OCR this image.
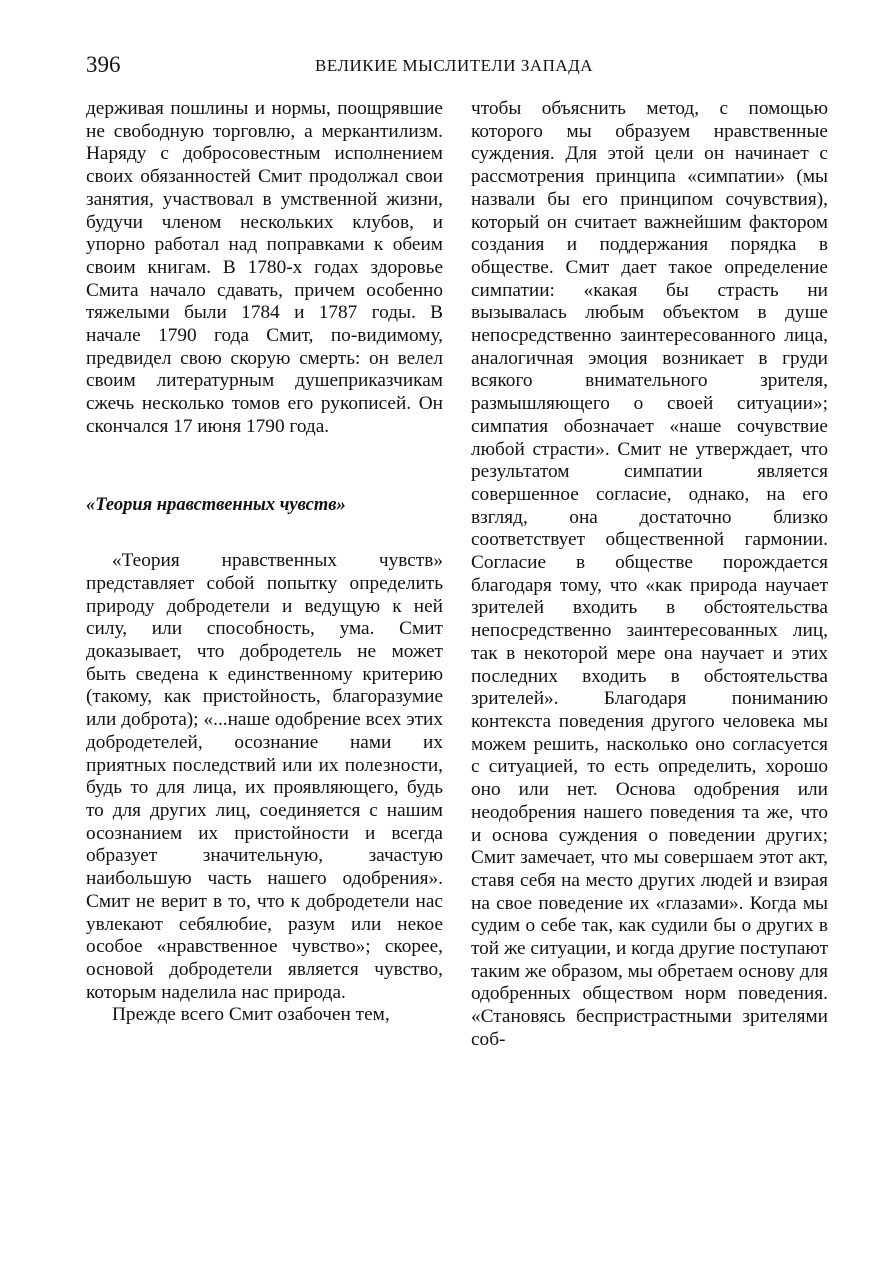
396	ВЕЛИКИЕ МЫСЛИТЕЛИ ЗАПАДА

держивая пошлины и нормы, поощрявшие не свободную торговлю, а меркантилизм. Наряду с добросовестным исполнением своих обязанностей Смит продолжал свои занятия, участвовал в умственной жизни, будучи членом нескольких клубов, и упорно работал над поправками к обеим своим книгам. В 1780-х годах здоровье Смита начало сдавать, причем особенно тяжелыми были 1784 и 1787 годы. В начале 1790 года Смит, по-видимому, предвидел свою скорую смерть: он велел своим литературным душеприказчикам сжечь несколько томов его рукописей. Он скончался 17 июня 1790 года.

«Теория нравственных чувств»

«Теория нравственных чувств» представляет собой попытку определить природу добродетели и ведущую к ней силу, или способность, ума. Смит доказывает, что добродетель не может быть сведена к единственному критерию (такому, как пристойность, благоразумие или доброта); «...наше одобрение всех этих добродетелей, осознание нами их приятных последствий или их полезности, будь то для лица, их проявляющего, будь то для других лиц, соединяется с нашим осознанием их пристойности и всегда образует значительную, зачастую наибольшую часть нашего одобрения». Смит не верит в то, что к добродетели нас увлекают себялюбие, разум или некое особое «нравственное чувство»; скорее, основой добродетели является чувство, которым наделила нас природа.

Прежде всего Смит озабочен тем,

чтобы объяснить метод, с помощью которого мы образуем нравственные суждения. Для этой цели он начинает с рассмотрения принципа «симпатии» (мы назвали бы его принципом сочувствия), который он считает важнейшим фактором создания и поддержания порядка в обществе. Смит дает такое определение симпатии: «какая бы страсть ни вызывалась любым объектом в душе непосредственно заинтересованного лица, аналогичная эмоция возникает в груди всякого внимательного зрителя, размышляющего о своей ситуации»; симпатия обозначает «наше сочувствие любой страсти». Смит не утверждает, что результатом симпатии является совершенное согласие, однако, на его взгляд, она достаточно близко соответствует общественной гармонии. Согласие в обществе порождается благодаря тому, что «как природа научает зрителей входить в обстоятельства непосредственно заинтересованных лиц, так в некоторой мере она научает и этих последних входить в обстоятельства зрителей». Благодаря пониманию контекста поведения другого человека мы можем решить, насколько оно согласуется с ситуацией, то есть определить, хорошо оно или нет. Основа одобрения или неодобрения нашего поведения та же, что и основа суждения о поведении других; Смит замечает, что мы совершаем этот акт, ставя себя на место других людей и взирая на свое поведение их «глазами». Когда мы судим о себе так, как судили бы о других в той же ситуации, и когда другие поступают таким же образом, мы обретаем основу для одобренных обществом норм поведения. «Становясь беспристрастными зрителями соб-
